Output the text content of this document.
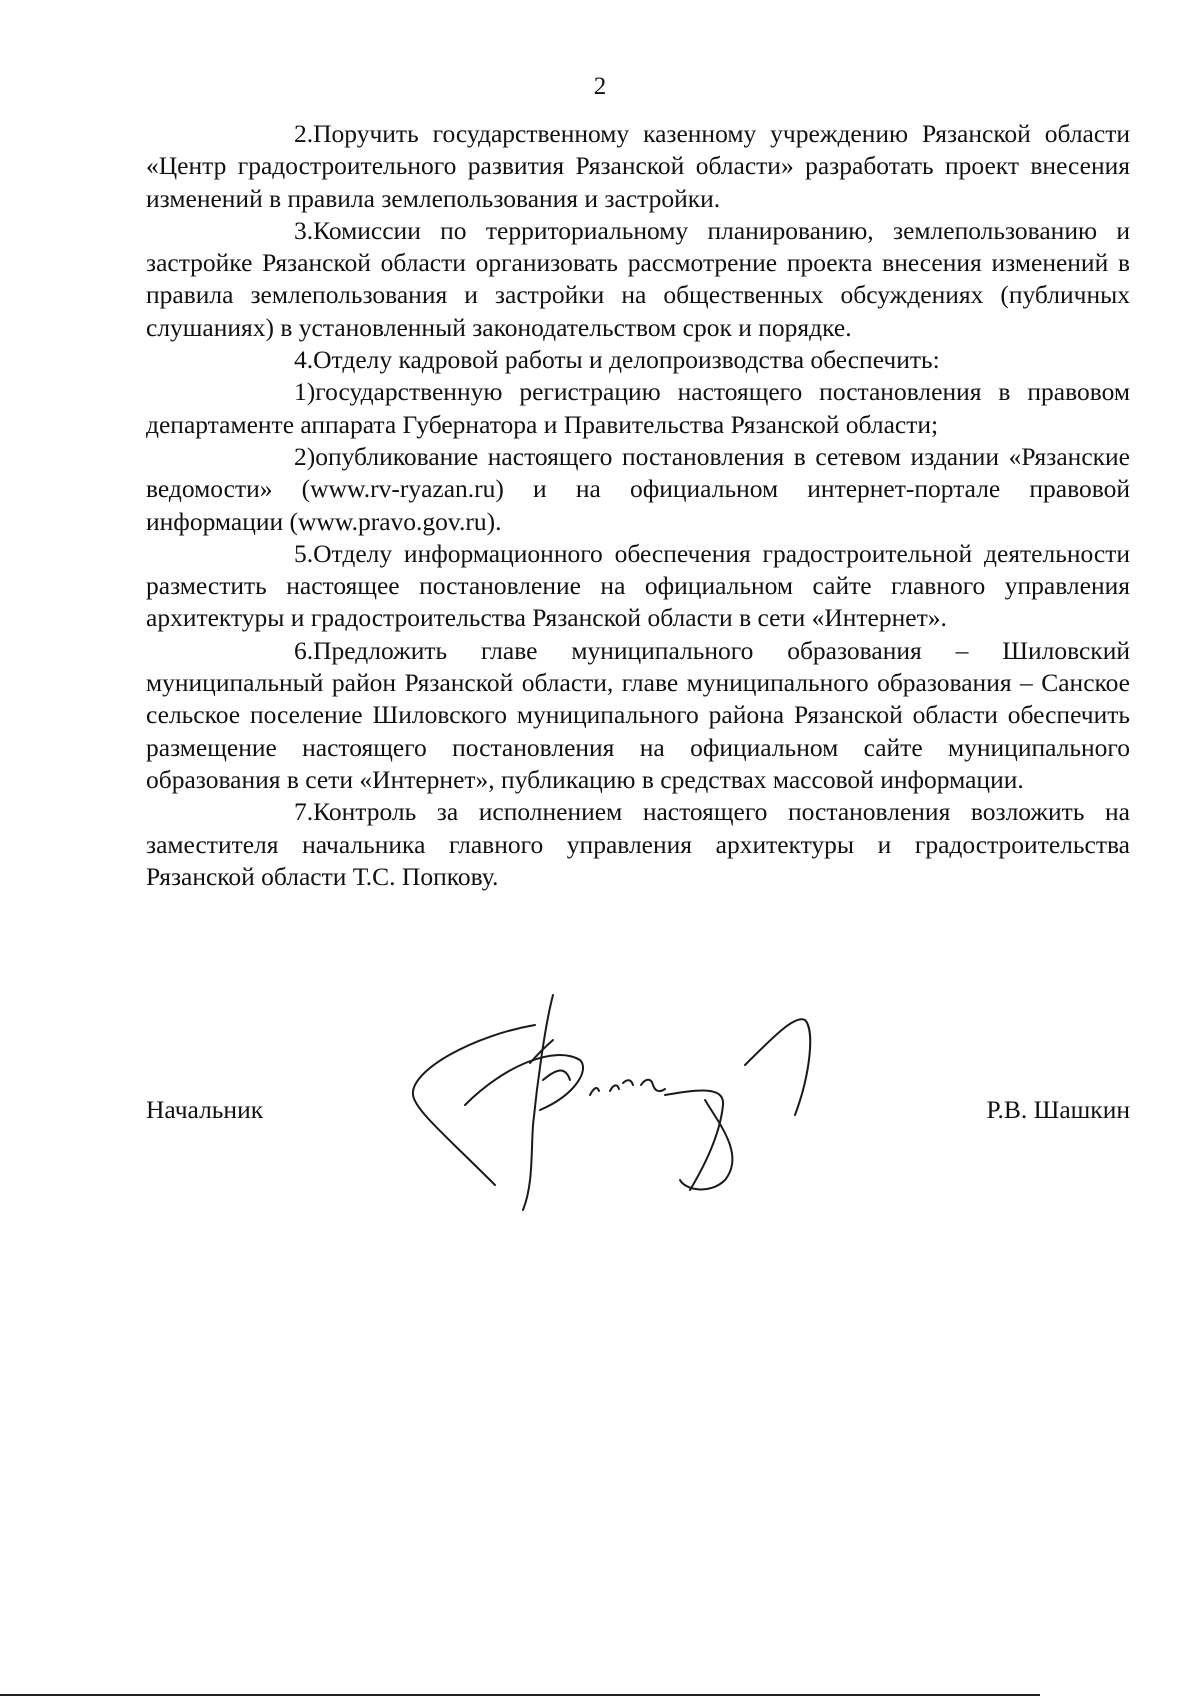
2

2.Поручить государственному казенному учреждению Рязанской области «Центр градостроительного развития Рязанской области» разработать проект внесения изменений в правила землепользования и застройки.

3.Комиссии по территориальному планированию, землепользованию и застройке Рязанской области организовать рассмотрение проекта внесения изменений в правила землепользования и застройки на общественных обсуждениях (публичных слушаниях) в установленный законодательством срок и порядке.

4.Отделу кадровой работы и делопроизводства обеспечить:

1)государственную регистрацию настоящего постановления в правовом департаменте аппарата Губернатора и Правительства Рязанской области;

2)опубликование настоящего постановления в сетевом издании «Рязанские ведомости» (www.rv-ryazan.ru) и на официальном интернет-портале правовой информации (www.pravo.gov.ru).

5.Отделу информационного обеспечения градостроительной деятельности разместить настоящее постановление на официальном сайте главного управления архитектуры и градостроительства Рязанской области в сети «Интернет».

6.Предложить главе муниципального образования – Шиловский муниципальный район Рязанской области, главе муниципального образования – Санское сельское поселение Шиловского муниципального района Рязанской области обеспечить размещение настоящего постановления на официальном сайте муниципального образования в сети «Интернет», публикацию в средствах массовой информации.

7.Контроль за исполнением настоящего постановления возложить на заместителя начальника главного управления архитектуры и градостроительства Рязанской области Т.С. Попкову.

Начальник	Р.В. Шашкин
